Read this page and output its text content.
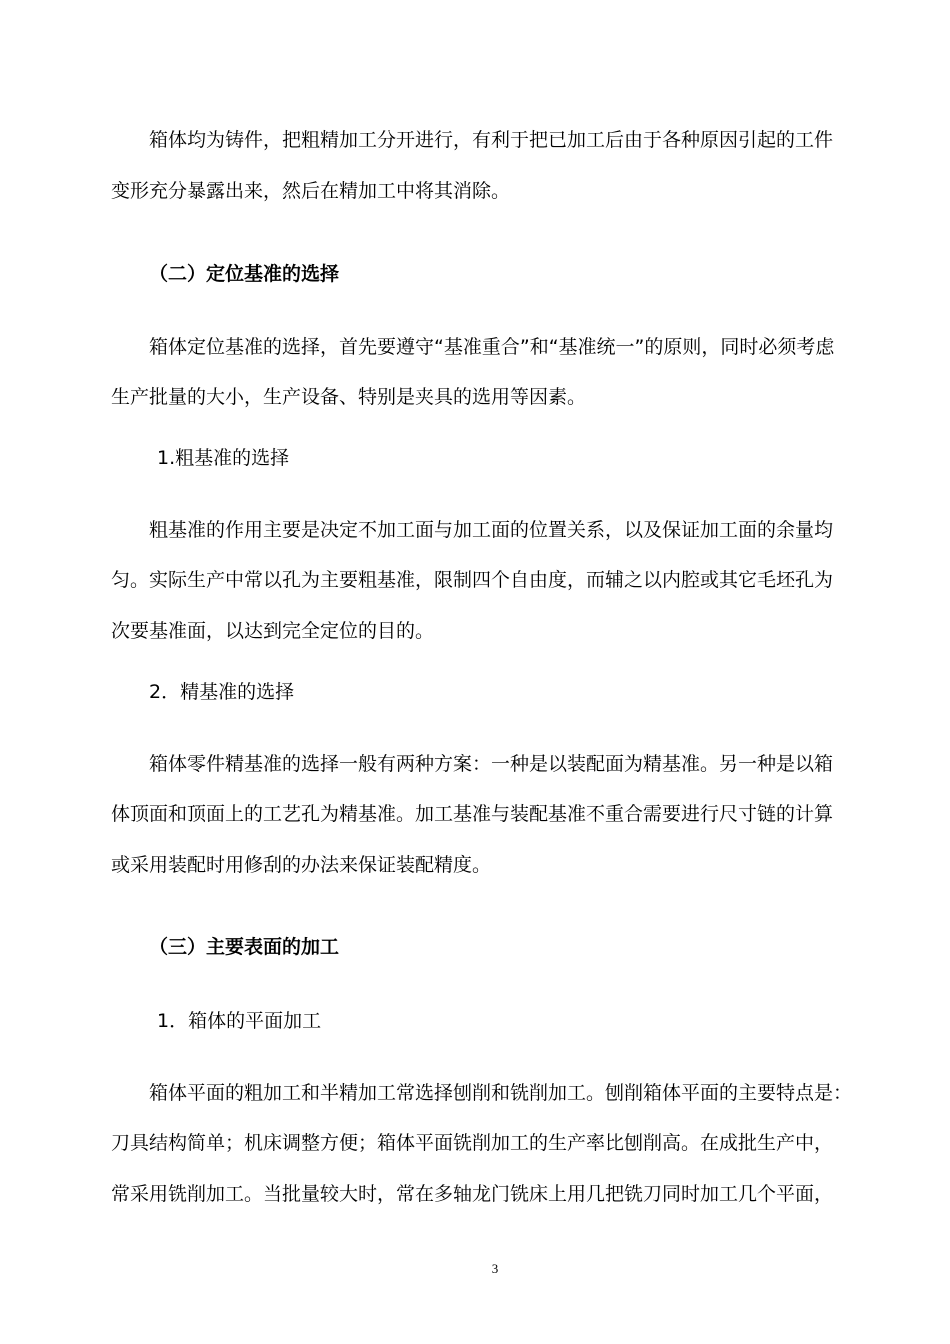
箱体均为铸件，把粗精加工分开进行，有利于把已加工后由于各种原因引起的工件
变形充分暴露出来，然后在精加工中将其消除。
（二）定位基准的选择
箱体定位基准的选择，首先要遵守“基准重合”和“基准统一”的原则，同时必须考虑
生产批量的大小，生产设备、特别是夹具的选用等因素。
1.粗基准的选择
粗基准的作用主要是决定不加工面与加工面的位置关系，以及保证加工面的余量均
匀。实际生产中常以孔为主要粗基准，限制四个自由度，而辅之以内腔或其它毛坯孔为
次要基准面，以达到完全定位的目的。
2．精基准的选择
箱体零件精基准的选择一般有两种方案：一种是以装配面为精基准。另一种是以箱
体顶面和顶面上的工艺孔为精基准。加工基准与装配基准不重合需要进行尺寸链的计算
或采用装配时用修刮的办法来保证装配精度。
（三）主要表面的加工
1．箱体的平面加工
箱体平面的粗加工和半精加工常选择刨削和铣削加工。刨削箱体平面的主要特点是：
刀具结构简单；机床调整方便；箱体平面铣削加工的生产率比刨削高。在成批生产中，
常采用铣削加工。当批量较大时，常在多轴龙门铣床上用几把铣刀同时加工几个平面，
3
